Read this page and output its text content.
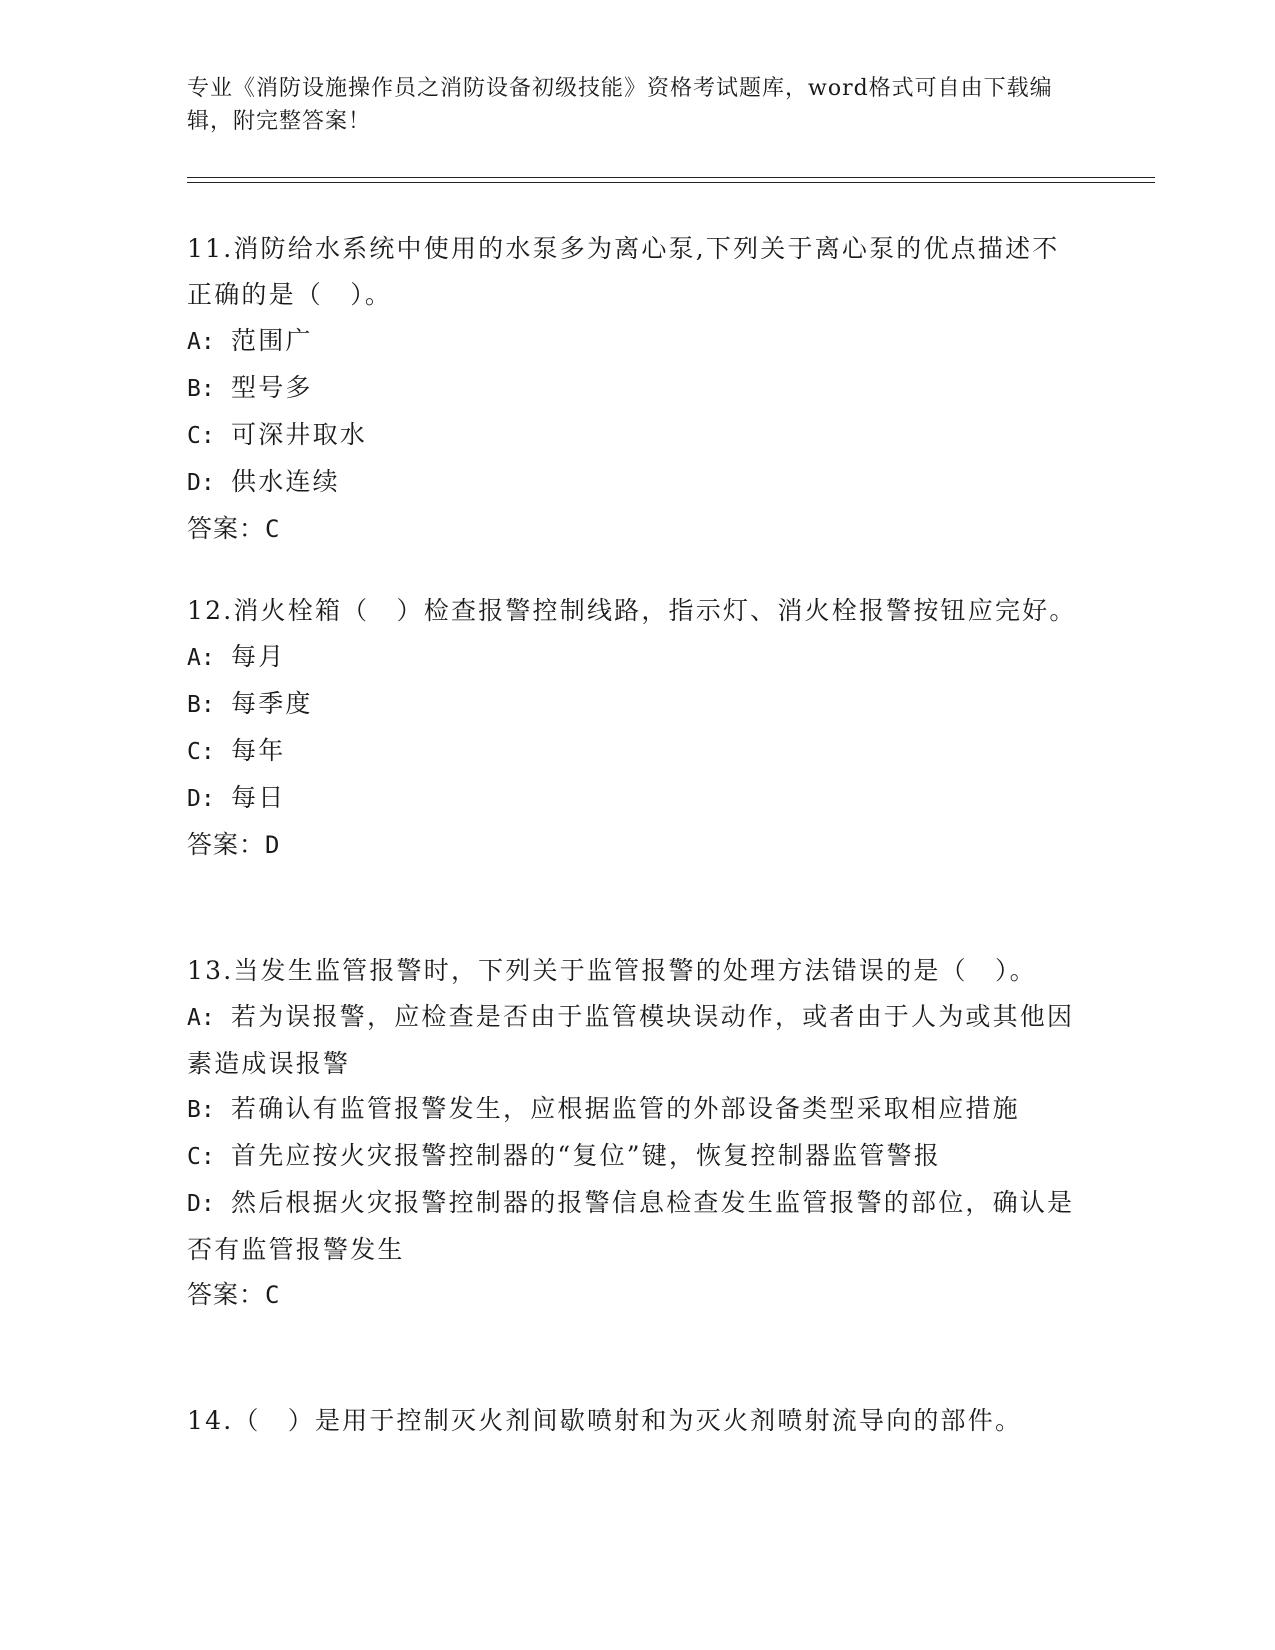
专业《消防设施操作员之消防设备初级技能》资格考试题库，word格式可自由下载编辑，附完整答案！

11.消防给水系统中使用的水泵多为离心泵,下列关于离心泵的优点描述不正确的是（　）。

A: 范围广

B: 型号多

C: 可深井取水

D: 供水连续

答案：C

12.消火栓箱（　）检查报警控制线路，指示灯、消火栓报警按钮应完好。

A: 每月

B: 每季度

C: 每年

D: 每日

答案：D

13.当发生监管报警时，下列关于监管报警的处理方法错误的是（　）。

A: 若为误报警，应检查是否由于监管模块误动作，或者由于人为或其他因素造成误报警

B: 若确认有监管报警发生，应根据监管的外部设备类型采取相应措施

C: 首先应按火灾报警控制器的“复位”键，恢复控制器监管警报

D: 然后根据火灾报警控制器的报警信息检查发生监管报警的部位，确认是否有监管报警发生

答案：C

14.（　）是用于控制灭火剂间歇喷射和为灭火剂喷射流导向的部件。
